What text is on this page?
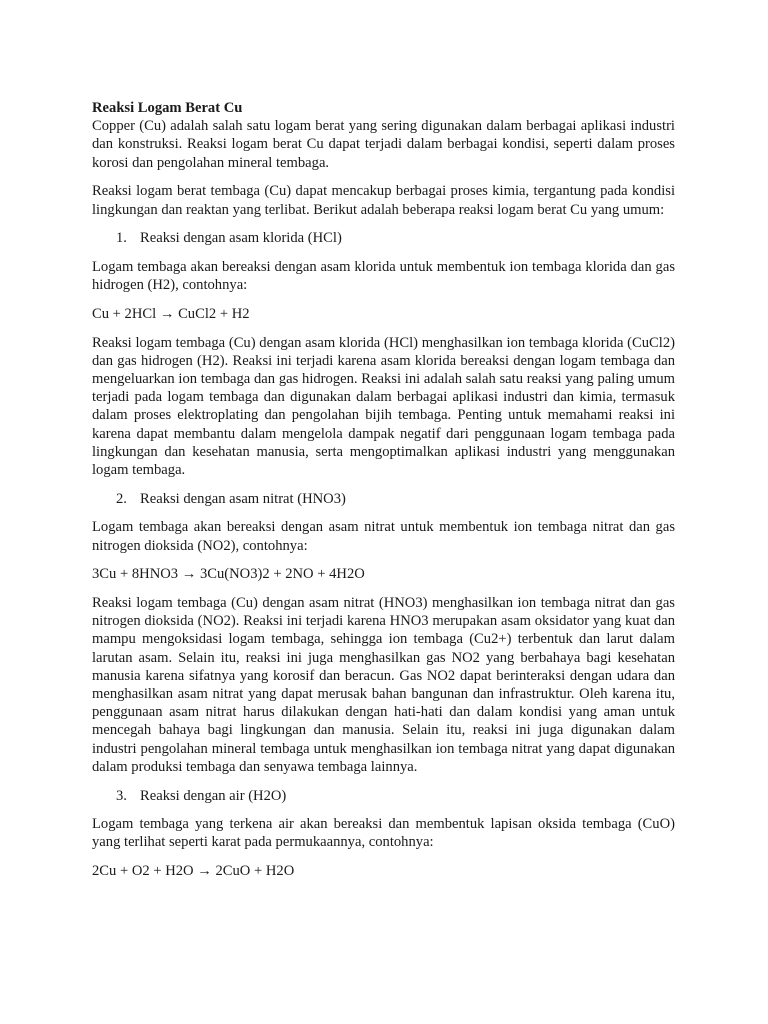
Reaksi Logam Berat Cu

Copper (Cu) adalah salah satu logam berat yang sering digunakan dalam berbagai aplikasi industri dan konstruksi. Reaksi logam berat Cu dapat terjadi dalam berbagai kondisi, seperti dalam proses korosi dan pengolahan mineral tembaga.

Reaksi logam berat tembaga (Cu) dapat mencakup berbagai proses kimia, tergantung pada kondisi lingkungan dan reaktan yang terlibat. Berikut adalah beberapa reaksi logam berat Cu yang umum:

1. Reaksi dengan asam klorida (HCl)

Logam tembaga akan bereaksi dengan asam klorida untuk membentuk ion tembaga klorida dan gas hidrogen (H2), contohnya:

Cu + 2HCl → CuCl2 + H2

Reaksi logam tembaga (Cu) dengan asam klorida (HCl) menghasilkan ion tembaga klorida (CuCl2) dan gas hidrogen (H2). Reaksi ini terjadi karena asam klorida bereaksi dengan logam tembaga dan mengeluarkan ion tembaga dan gas hidrogen. Reaksi ini adalah salah satu reaksi yang paling umum terjadi pada logam tembaga dan digunakan dalam berbagai aplikasi industri dan kimia, termasuk dalam proses elektroplating dan pengolahan bijih tembaga. Penting untuk memahami reaksi ini karena dapat membantu dalam mengelola dampak negatif dari penggunaan logam tembaga pada lingkungan dan kesehatan manusia, serta mengoptimalkan aplikasi industri yang menggunakan logam tembaga.

2. Reaksi dengan asam nitrat (HNO3)

Logam tembaga akan bereaksi dengan asam nitrat untuk membentuk ion tembaga nitrat dan gas nitrogen dioksida (NO2), contohnya:

3Cu + 8HNO3 → 3Cu(NO3)2 + 2NO + 4H2O

Reaksi logam tembaga (Cu) dengan asam nitrat (HNO3) menghasilkan ion tembaga nitrat dan gas nitrogen dioksida (NO2). Reaksi ini terjadi karena HNO3 merupakan asam oksidator yang kuat dan mampu mengoksidasi logam tembaga, sehingga ion tembaga (Cu2+) terbentuk dan larut dalam larutan asam. Selain itu, reaksi ini juga menghasilkan gas NO2 yang berbahaya bagi kesehatan manusia karena sifatnya yang korosif dan beracun. Gas NO2 dapat berinteraksi dengan udara dan menghasilkan asam nitrat yang dapat merusak bahan bangunan dan infrastruktur. Oleh karena itu, penggunaan asam nitrat harus dilakukan dengan hati-hati dan dalam kondisi yang aman untuk mencegah bahaya bagi lingkungan dan manusia. Selain itu, reaksi ini juga digunakan dalam industri pengolahan mineral tembaga untuk menghasilkan ion tembaga nitrat yang dapat digunakan dalam produksi tembaga dan senyawa tembaga lainnya.

3. Reaksi dengan air (H2O)

Logam tembaga yang terkena air akan bereaksi dan membentuk lapisan oksida tembaga (CuO) yang terlihat seperti karat pada permukaannya, contohnya:

2Cu + O2 + H2O → 2CuO + H2O
